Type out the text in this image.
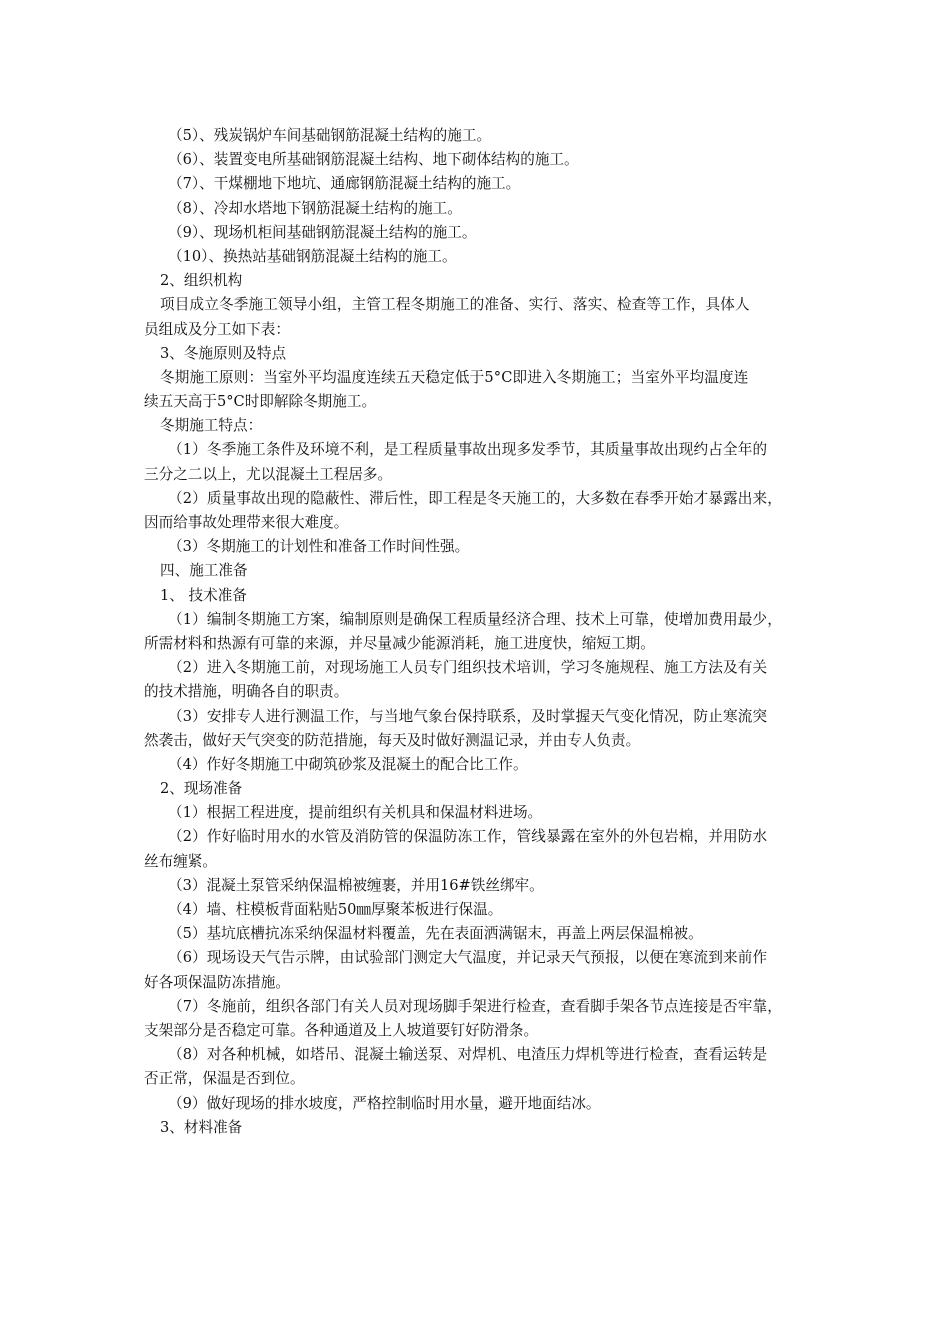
（5）、残炭锅炉车间基础钢筋混凝土结构的施工。
（6）、装置变电所基础钢筋混凝土结构、地下砌体结构的施工。
（7）、干煤棚地下地坑、通廊钢筋混凝土结构的施工。
（8）、冷却水塔地下钢筋混凝土结构的施工。
（9）、现场机柜间基础钢筋混凝土结构的施工。
（10）、换热站基础钢筋混凝土结构的施工。
2、组织机构
项目成立冬季施工领导小组，主管工程冬期施工的准备、实行、落实、检查等工作，具体人
员组成及分工如下表：
3、冬施原则及特点
冬期施工原则：当室外平均温度连续五天稳定低于5°C即进入冬期施工；当室外平均温度连
续五天高于5°C时即解除冬期施工。
冬期施工特点：
（1）冬季施工条件及环境不利，是工程质量事故出现多发季节，其质量事故出现约占全年的
三分之二以上，尤以混凝土工程居多。
（2）质量事故出现的隐蔽性、滞后性，即工程是冬天施工的，大多数在春季开始才暴露出来，
因而给事故处理带来很大难度。
（3）冬期施工的计划性和准备工作时间性强。
四、施工准备
1、 技术准备
（1）编制冬期施工方案，编制原则是确保工程质量经济合理、技术上可靠，使增加费用最少，
所需材料和热源有可靠的来源，并尽量减少能源消耗，施工进度快，缩短工期。
（2）进入冬期施工前，对现场施工人员专门组织技术培训，学习冬施规程、施工方法及有关
的技术措施，明确各自的职责。
（3）安排专人进行测温工作，与当地气象台保持联系，及时掌握天气变化情况，防止寒流突
然袭击，做好天气突变的防范措施，每天及时做好测温记录，并由专人负责。
（4）作好冬期施工中砌筑砂浆及混凝土的配合比工作。
2、现场准备
（1）根据工程进度，提前组织有关机具和保温材料进场。
（2）作好临时用水的水管及消防管的保温防冻工作，管线暴露在室外的外包岩棉，并用防水
丝布缠紧。
（3）混凝土泵管采纳保温棉被缠裹，并用16#铁丝绑牢。
（4）墙、柱模板背面粘贴50㎜厚聚苯板进行保温。
（5）基坑底槽抗冻采纳保温材料覆盖，先在表面洒满锯末，再盖上两层保温棉被。
（6）现场设天气告示牌，由试验部门测定大气温度，并记录天气预报，以便在寒流到来前作
好各项保温防冻措施。
（7）冬施前，组织各部门有关人员对现场脚手架进行检查，查看脚手架各节点连接是否牢靠，
支架部分是否稳定可靠。各种通道及上人坡道要钉好防滑条。
（8）对各种机械，如塔吊、混凝土输送泵、对焊机、电渣压力焊机等进行检查，查看运转是
否正常，保温是否到位。
（9）做好现场的排水坡度，严格控制临时用水量，避开地面结冰。
3、材料准备
